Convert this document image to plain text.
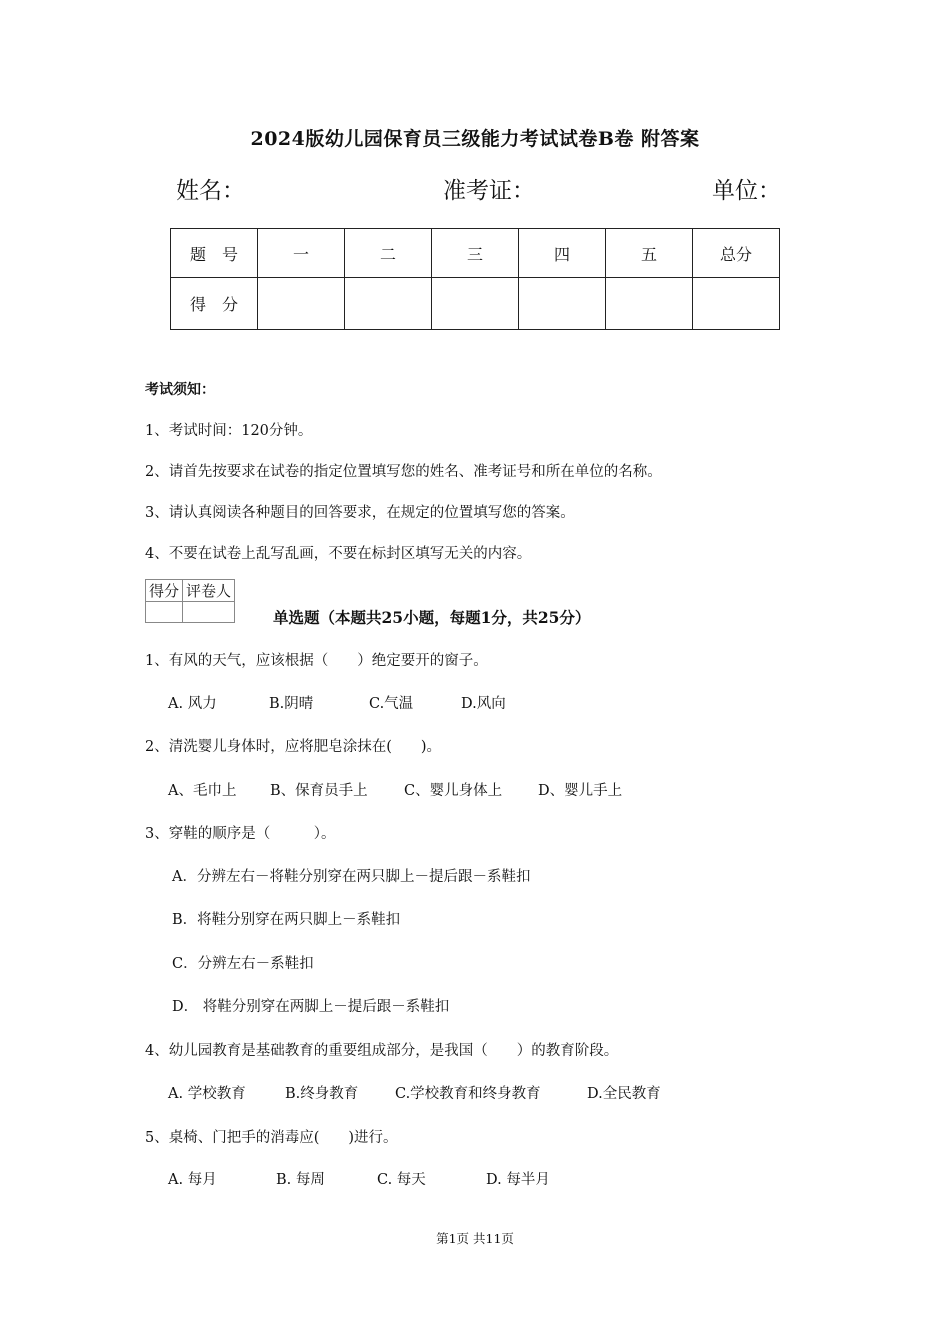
2024版幼儿园保育员三级能力考试试卷B卷 附答案
姓名：	准考证：	单位：
题　号	一	二	三	四	五	总分
得　分						
考试须知：
1、考试时间：120分钟。
2、请首先按要求在试卷的指定位置填写您的姓名、准考证号和所在单位的名称。
3、请认真阅读各种题目的回答要求，在规定的位置填写您的答案。
4、不要在试卷上乱写乱画，不要在标封区填写无关的内容。
得分	评卷人

单选题（本题共25小题，每题1分，共25分）
1、有风的天气，应该根据（　　）绝定要开的窗子。
A. 风力	B.阴晴	C.气温	D.风向
2、清洗婴儿身体时，应将肥皂涂抹在(　　)。
A、毛巾上 B、保育员手上	C、婴儿身体上 D、婴儿手上
3、穿鞋的顺序是（　　　）。
A．分辨左右－将鞋分别穿在两只脚上－提后跟－系鞋扣
B．将鞋分别穿在两只脚上－系鞋扣
C．分辨左右－系鞋扣
D． 将鞋分别穿在两脚上－提后跟－系鞋扣
4、幼儿园教育是基础教育的重要组成部分，是我国（　　）的教育阶段。
A. 学校教育	B.终身教育	C.学校教育和终身教育	D.全民教育
5、桌椅、门把手的消毒应(　　)进行。
A. 每月	B. 每周	C. 每天	D. 每半月
第1页 共11页
